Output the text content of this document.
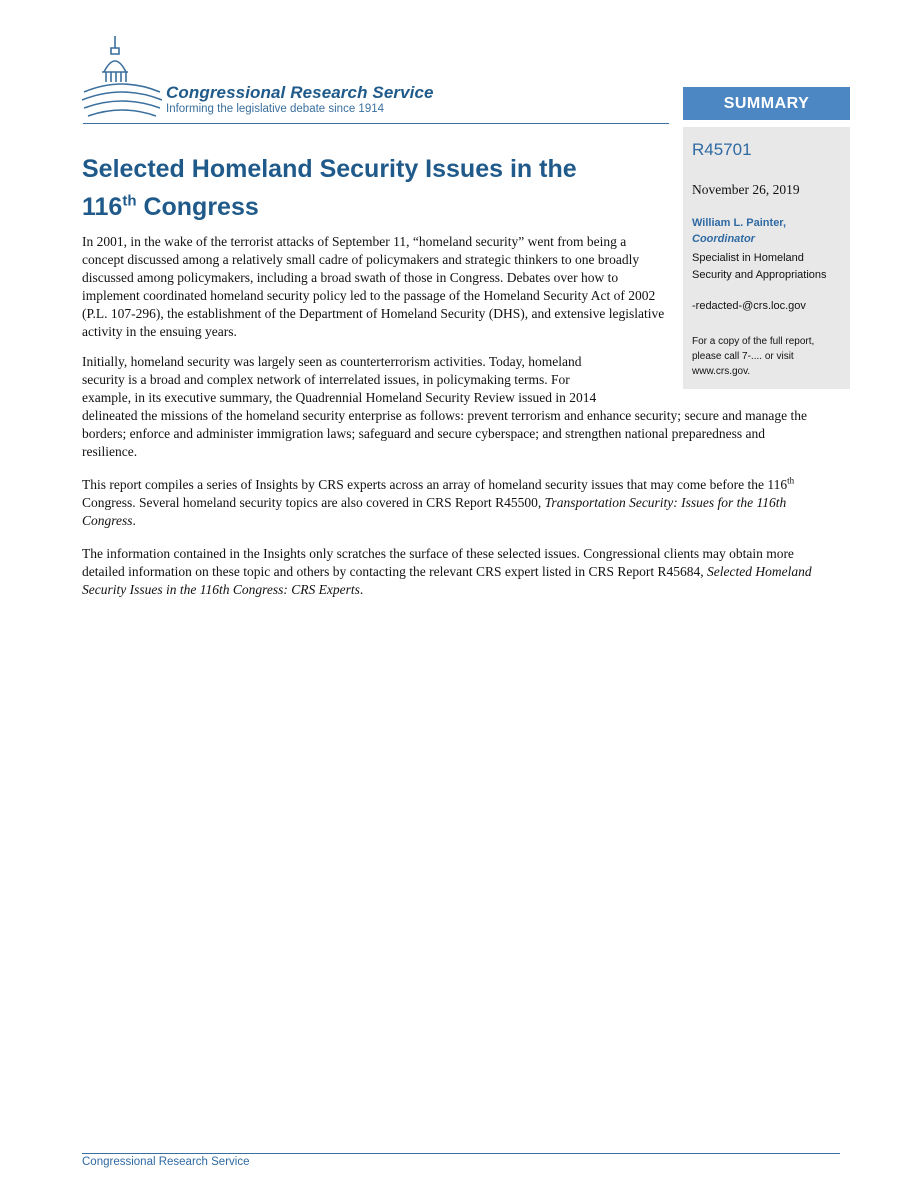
Congressional Research Service
Informing the legislative debate since 1914	SUMMARY
R45701
November 26, 2019
William L. Painter,
Coordinator
Specialist in Homeland Security and Appropriations
-redacted-@crs.loc.gov
For a copy of the full report, please call 7-.... or visit www.crs.gov.
Selected Homeland Security Issues in the
116th Congress

In 2001, in the wake of the terrorist attacks of September 11, “homeland security” went from being a concept discussed among a relatively small cadre of policymakers and strategic thinkers to one broadly discussed among policymakers, including a broad swath of those in Congress. Debates over how to implement coordinated homeland security policy led to the passage of the Homeland Security Act of 2002 (P.L. 107-296), the establishment of the Department of Homeland Security (DHS), and extensive legislative activity in the ensuing years.

Initially, homeland security was largely seen as counterterrorism activities. Today, homeland
security is a broad and complex network of interrelated issues, in policymaking terms. For
example, in its executive summary, the Quadrennial Homeland Security Review issued in 2014
delineated the missions of the homeland security enterprise as follows: prevent terrorism and enhance security; secure and manage the borders; enforce and administer immigration laws; safeguard and secure cyberspace; and strengthen national preparedness and resilience.

This report compiles a series of Insights by CRS experts across an array of homeland security issues that may come before the 116th Congress. Several homeland security topics are also covered in CRS Report R45500, Transportation Security: Issues for the 116th Congress.

The information contained in the Insights only scratches the surface of these selected issues. Congressional clients may obtain more detailed information on these topic and others by contacting the relevant CRS expert listed in CRS Report R45684, Selected Homeland Security Issues in the 116th Congress: CRS Experts.

Congressional Research Service
